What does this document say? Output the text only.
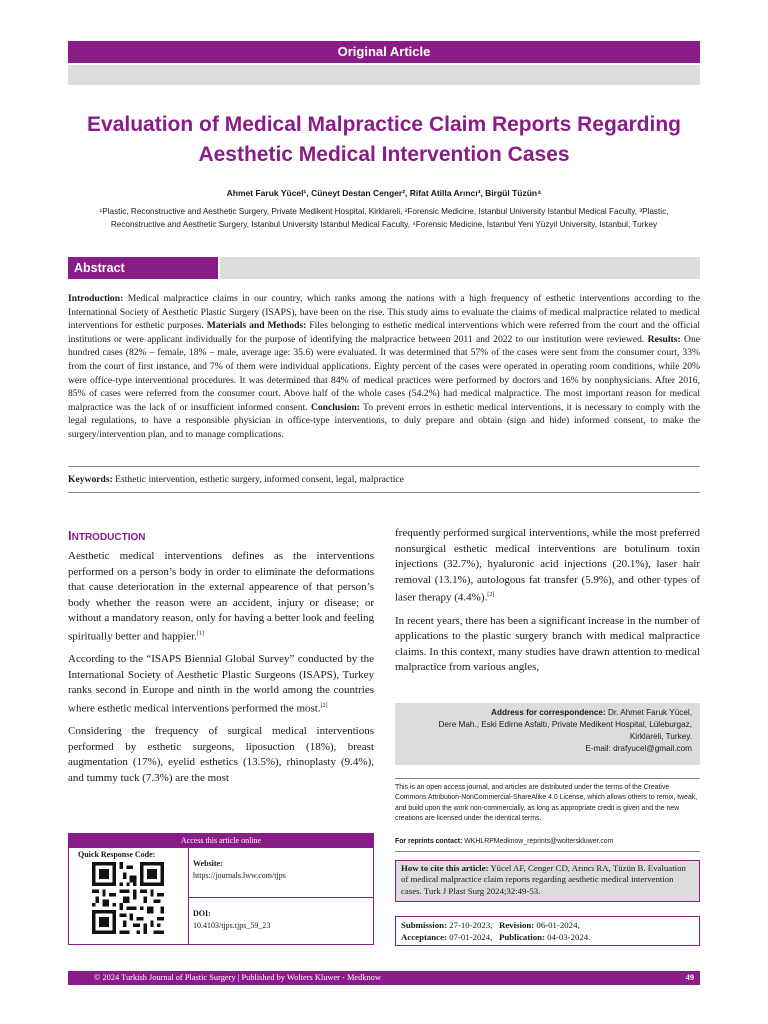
Original Article
Evaluation of Medical Malpractice Claim Reports Regarding
Aesthetic Medical Intervention Cases
Ahmet Faruk Yücel¹, Cüneyt Destan Cenger², Rifat Atilla Arıncı³, Birgül Tüzün⁴
¹Plastic, Reconstructive and Aesthetic Surgery, Private Medikent Hospital, Kirklareli, ²Forensic Medicine, Istanbul University Istanbul Medical Faculty, ³Plastic, Reconstructive and Aesthetic Surgery, Istanbul University Istanbul Medical Faculty, ⁴Forensic Medicine, İstanbul Yeni Yüzyil University, Istanbul, Turkey
Abstract
Introduction: Medical malpractice claims in our country, which ranks among the nations with a high frequency of esthetic interventions according to the International Society of Aesthetic Plastic Surgery (ISAPS), have been on the rise. This study aims to evaluate the claims of medical malpractice related to medical interventions for esthetic purposes. Materials and Methods: Files belonging to esthetic medical interventions which were referred from the court and the official institutions or were applicant individually for the purpose of identifying the malpractice between 2011 and 2022 to our institution were reviewed. Results: One hundred cases (82% – female, 18% – male, average age: 35.6) were evaluated. It was determined that 57% of the cases were sent from the consumer court, 33% from the court of first instance, and 7% of them were individual applications. Eighty percent of the cases were operated in operating room conditions, while 20% were office-type interventional procedures. It was determined that 84% of medical practices were performed by doctors and 16% by nonphysicians. After 2016, 85% of cases were referred from the consumer court. Above half of the whole cases (54.2%) had medical malpractice. The most important reason for medical malpractice was the lack of or insufficient informed consent. Conclusion: To prevent errors in esthetic medical interventions, it is necessary to comply with the legal regulations, to have a responsible physician in office-type interventions, to duly prepare and obtain (sign and hide) informed consent, to make the surgery/intervention plan, and to manage complications.
Keywords: Esthetic intervention, esthetic surgery, informed consent, legal, malpractice
INTRODUCTION

Aesthetic medical interventions defines as the interventions performed on a person’s body in order to eliminate the deformations that cause deterioration in the external appearence of that person’s body whether the reason were an accident, injury or disease; or without a mandatory reason, only for having a better look and feeling spiritually better and happier.[1]

According to the “ISAPS Biennial Global Survey” conducted by the International Society of Aesthetic Plastic Surgeons (ISAPS), Turkey ranks second in Europe and ninth in the world among the countries where esthetic medical interventions performed the most.[2]

Considering the frequency of surgical medical interventions performed by esthetic surgeons, liposuction (18%), breast augmentation (17%), eyelid esthetics (13.5%), rhinoplasty (9.4%), and tummy tuck (7.3%) are the most

frequently performed surgical interventions, while the most preferred nonsurgical esthetic medical interventions are botulinum toxin injections (32.7%), hyaluronic acid injections (20.1%), laser hair removal (13.1%), autologous fat transfer (5.9%), and other types of laser therapy (4.4%).[2]

In recent years, there has been a significant increase in the number of applications to the plastic surgery branch with medical malpractice claims. In this context, many studies have drawn attention to medical malpractice from various angles,

Access this article online
Quick Response Code:
Website:
https://journals.lww.com/tjps
DOI:
10.4103/tjps.tjps_59_23
Address for correspondence: Dr. Ahmet Faruk Yücel,
Dere Mah., Eski Edirne Asfaltı, Private Medikent Hospital, Lüleburgaz,
Kirklareli, Turkey.
E-mail: drafyucel@gmail.com
This is an open access journal, and articles are distributed under the terms of the Creative Commons Attribution-NonCommercial-ShareAlike 4.0 License, which allows others to remix, tweak, and build upon the work non-commercially, as long as appropriate credit is given and the new creations are licensed under the identical terms.
For reprints contact: WKHLRPMedknow_reprints@wolterskluwer.com
How to cite this article: Yücel AF, Cenger CD, Arıncı RA, Tüzün B. Evaluation of medical malpractice claim reports regarding aesthetic medical intervention cases. Turk J Plast Surg 2024;32:49-53.
Submission: 27-10-2023, Revision: 06-01-2024,
Acceptance: 07-01-2024, Publication: 04-03-2024.
© 2024 Turkish Journal of Plastic Surgery | Published by Wolters Kluwer - Medknow	49
